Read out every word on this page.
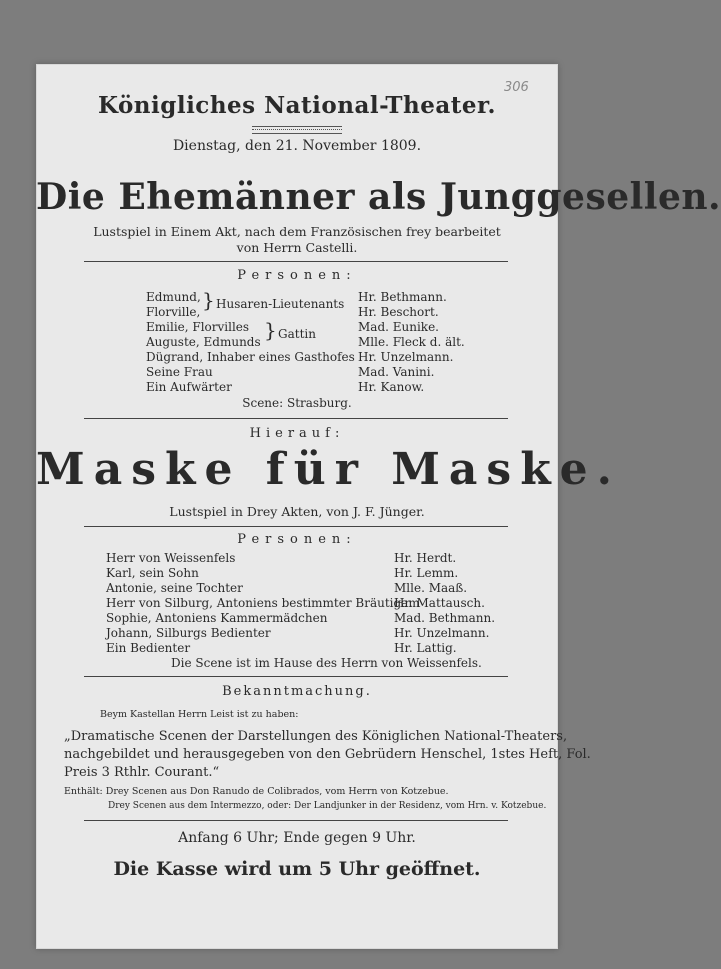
306
Königliches National-Theater.
Dienstag, den 21. November 1809.
Die Ehemänner als Junggesellen.
Lustspiel in Einem Akt, nach dem Französischen frey bearbeitet
von Herrn Castelli.
Personen:
Edmund,
Florville, } Husaren-Lieutenants
Emilie, Florvilles
Auguste, Edmunds } Gattin
Dügrand, Inhaber eines Gasthofes
Seine Frau
Ein Aufwärter
Hr. Bethmann.
Hr. Beschort.
Mad. Eunike.
Mlle. Fleck d. ält.
Hr. Unzelmann.
Mad. Vanini.
Hr. Kanow.
Scene: Strasburg.
Hierauf:
Maske für Maske.
Lustspiel in Drey Akten, von J. F. Jünger.
Personen:
Herr von Weissenfels
Karl, sein Sohn
Antonie, seine Tochter
Herr von Silburg, Antoniens bestimmter Bräutigam
Sophie, Antoniens Kammermädchen
Johann, Silburgs Bedienter
Ein Bedienter
Hr. Herdt.
Hr. Lemm.
Mlle. Maaß.
Hr. Mattausch.
Mad. Bethmann.
Hr. Unzelmann.
Hr. Lattig.
Die Scene ist im Hause des Herrn von Weissenfels.
Bekanntmachung.
Beym Kastellan Herrn Leist ist zu haben:
„Dramatische Scenen der Darstellungen des Königlichen National-Theaters,
nachgebildet und herausgegeben von den Gebrüdern Henschel, 1stes Heft, Fol.
Preis 3 Rthlr. Courant.“
Enthält: Drey Scenen aus Don Ranudo de Colibrados, vom Herrn von Kotzebue.
Drey Scenen aus dem Intermezzo, oder: Der Landjunker in der Residenz, vom Hrn. v. Kotzebue.
Anfang 6 Uhr; Ende gegen 9 Uhr.
Die Kasse wird um 5 Uhr geöffnet.
